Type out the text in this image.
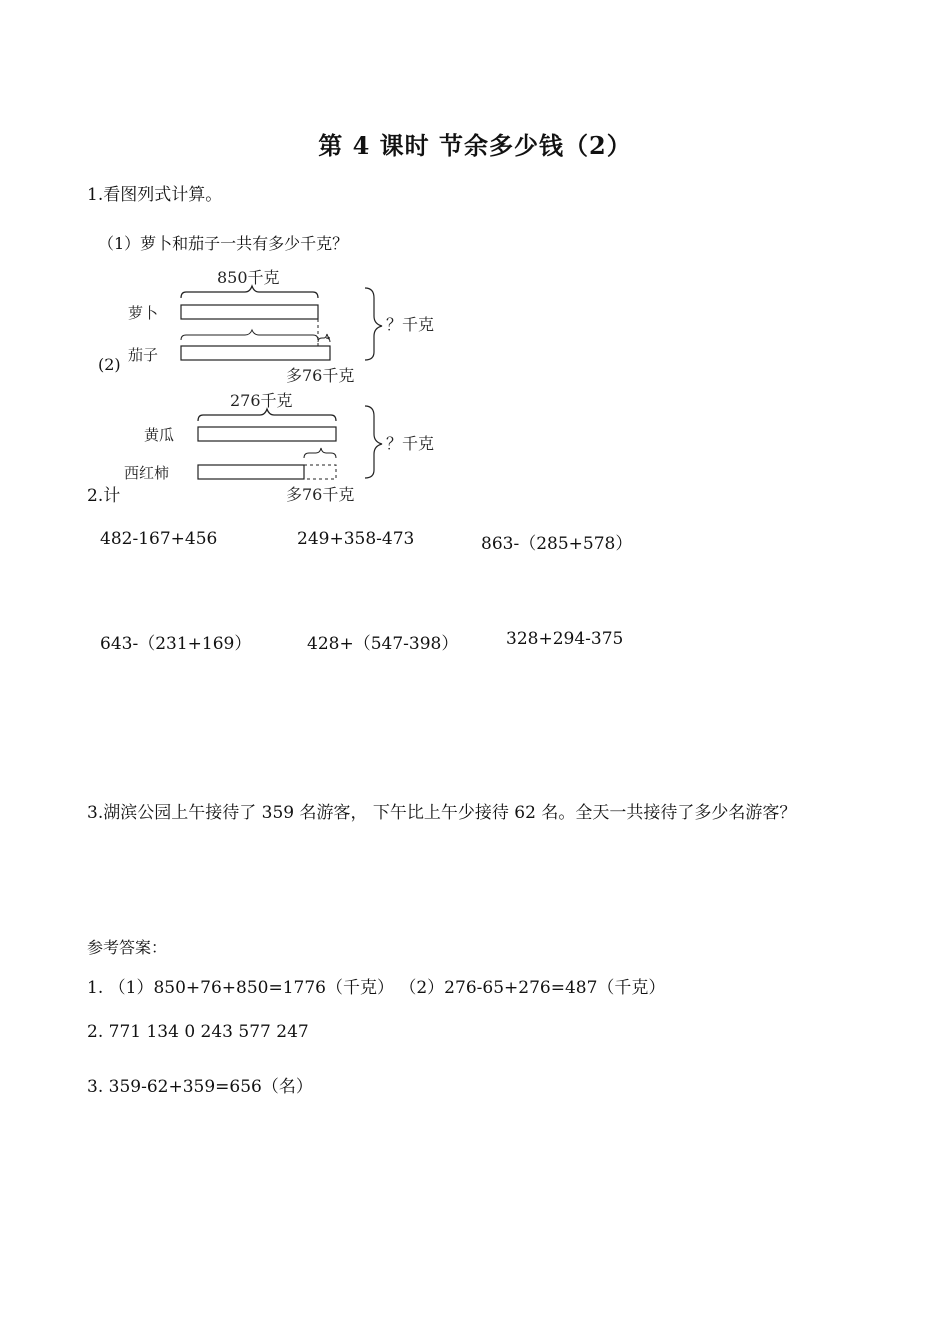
第 4 课时 节余多少钱（2）
1.看图列式计算。
（1）萝卜和茄子一共有多少千克？
(2)
850千克
萝卜
茄子
？千克
多76千克
276千克
黄瓜
西红柿
？千克
多76千克
2.计
482-167+456	249+358-473	863-（285+578）
643-（231+169）	428+（547-398）	328+294-375
3.湖滨公园上午接待了 359 名游客， 下午比上午少接待 62 名。全天一共接待了多少名游客？
参考答案：
1. （1）850+76+850=1776（千克） （2）276-65+276=487（千克）
2. 771 134 0 243 577 247
3. 359-62+359=656（名）
